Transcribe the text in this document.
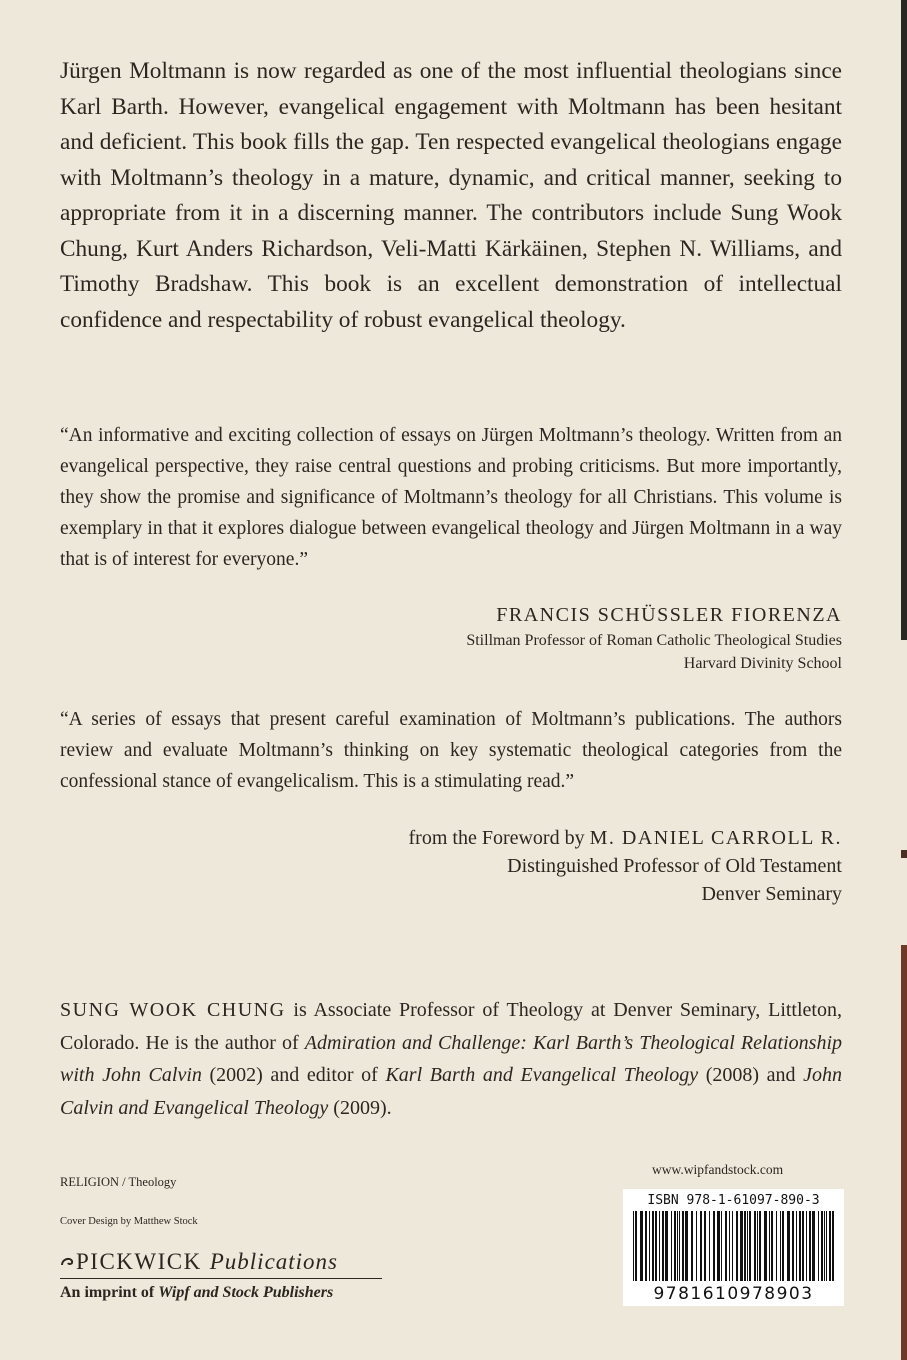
Jürgen Moltmann is now regarded as one of the most influential theologians since Karl Barth. However, evangelical engagement with Moltmann has been hesitant and deficient. This book fills the gap. Ten respected evangelical theologians engage with Moltmann’s theology in a mature, dynamic, and critical manner, seeking to appropriate from it in a discerning manner. The contributors include Sung Wook Chung, Kurt Anders Richardson, Veli-Matti Kärkäinen, Stephen N. Williams, and Timothy Bradshaw. This book is an excellent demonstration of intellectual confidence and respectability of robust evangelical theology.

“An informative and exciting collection of essays on Jürgen Moltmann’s theology. Written from an evangelical perspective, they raise central questions and probing criticisms. But more importantly, they show the promise and significance of Moltmann’s theology for all Christians. This volume is exemplary in that it explores dialogue between evangelical theology and Jürgen Moltmann in a way that is of interest for everyone.”

FRANCIS SCHÜSSLER FIORENZA
Stillman Professor of Roman Catholic Theological Studies
Harvard Divinity School

“A series of essays that present careful examination of Moltmann’s publications. The authors review and evaluate Moltmann’s thinking on key systematic theological categories from the confessional stance of evangelicalism. This is a stimulating read.”

from the Foreword by M. DANIEL CARROLL R.
Distinguished Professor of Old Testament
Denver Seminary
SUNG WOOK CHUNG is Associate Professor of Theology at Denver Seminary, Littleton, Colorado. He is the author of Admiration and Challenge: Karl Barth’s Theological Relationship with John Calvin (2002) and editor of Karl Barth and Evangelical Theology (2008) and John Calvin and Evangelical Theology (2009).
RELIGION / Theology
Cover Design by Matthew Stock
PICKWICK Publications
An imprint of Wipf and Stock Publishers
www.wipfandstock.com
ISBN 978-1-61097-890-3
9781610978903
